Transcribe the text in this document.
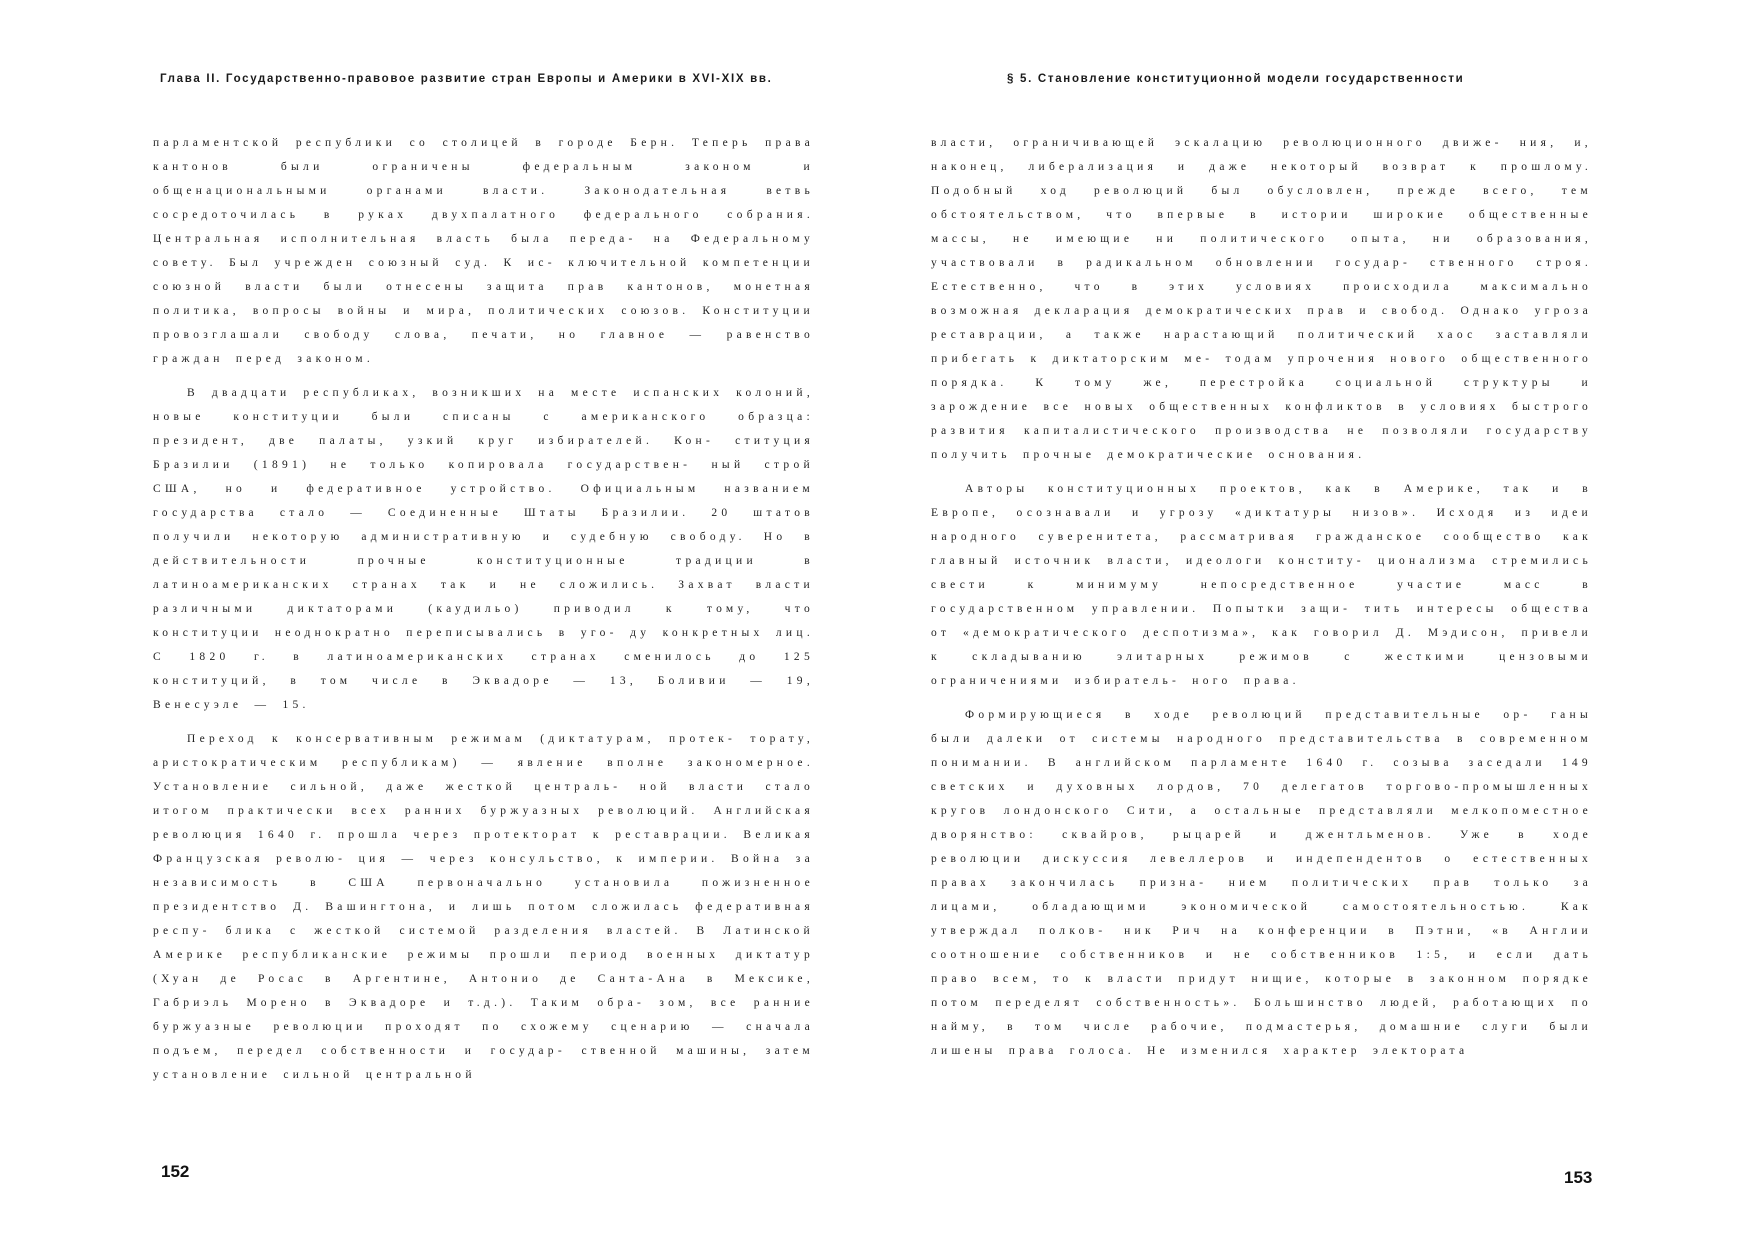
Глава II. Государственно-правовое развитие стран Европы и Америки в XVI-XIX вв.

парламентской республики со столицей в городе Берн. Теперь права кантонов были ограничены федеральным законом и общенациональными органами власти. Законодательная ветвь сосредоточилась в руках двухпалатного федерального собрания. Центральная исполнительная власть была переда- на Федеральному совету. Был учрежден союзный суд. К ис- ключительной компетенции союзной власти были отнесены защита прав кантонов, монетная политика, вопросы войны и мира, политических союзов. Конституции провозглашали свободу слова, печати, но главное — равенство граждан перед законом.

В двадцати республиках, возникших на месте испанских колоний, новые конституции были списаны с американского образца: президент, две палаты, узкий круг избирателей. Кон- ституция Бразилии (1891) не только копировала государствен- ный строй США, но и федеративное устройство. Официальным названием государства стало — Соединенные Штаты Бразилии. 20 штатов получили некоторую административную и судебную свободу. Но в действительности прочные конституционные традиции в латиноамериканских странах так и не сложились. Захват власти различными диктаторами (каудильо) приводил к тому, что конституции неоднократно переписывались в уго- ду конкретных лиц. С 1820 г. в латиноамериканских странах сменилось до 125 конституций, в том числе в Эквадоре — 13, Боливии — 19, Венесуэле — 15.

Переход к консервативным режимам (диктатурам, протек- торату, аристократическим республикам) — явление вполне закономерное. Установление сильной, даже жесткой централь- ной власти стало итогом практически всех ранних буржуазных революций. Английская революция 1640 г. прошла через протекторат к реставрации. Великая Французская револю- ция — через консульство, к империи. Война за независимость в США первоначально установила пожизненное президентство Д. Вашингтона, и лишь потом сложилась федеративная респу- блика с жесткой системой разделения властей. В Латинской Америке республиканские режимы прошли период военных диктатур (Хуан де Росас в Аргентине, Антонио де Санта-Ана в Мексике, Габриэль Морено в Эквадоре и т.д.). Таким обра- зом, все ранние буржуазные революции проходят по схожему сценарию — сначала подъем, передел собственности и государ- ственной машины, затем установление сильной центральной

152
§ 5. Становление конституционной модели государственности

власти, ограничивающей эскалацию революционного движе- ния, и, наконец, либерализация и даже некоторый возврат к прошлому. Подобный ход революций был обусловлен, прежде всего, тем обстоятельством, что впервые в истории широкие общественные массы, не имеющие ни политического опыта, ни образования, участвовали в радикальном обновлении государ- ственного строя. Естественно, что в этих условиях происходила максимально возможная декларация демократических прав и свобод. Однако угроза реставрации, а также нарастающий политический хаос заставляли прибегать к диктаторским ме- тодам упрочения нового общественного порядка. К тому же, перестройка социальной структуры и зарождение все новых общественных конфликтов в условиях быстрого развития капиталистического производства не позволяли государству получить прочные демократические основания.

Авторы конституционных проектов, как в Америке, так и в Европе, осознавали и угрозу «диктатуры низов». Исходя из идеи народного суверенитета, рассматривая гражданское сообщество как главный источник власти, идеологи конститу- ционализма стремились свести к минимуму непосредственное участие масс в государственном управлении. Попытки защи- тить интересы общества от «демократического деспотизма», как говорил Д. Мэдисон, привели к складыванию элитарных режимов с жесткими цензовыми ограничениями избиратель- ного права.

Формирующиеся в ходе революций представительные ор- ганы были далеки от системы народного представительства в современном понимании. В английском парламенте 1640 г. созыва заседали 149 светских и духовных лордов, 70 делегатов торгово-промышленных кругов лондонского Сити, а остальные представляли мелкопоместное дворянство: сквайров, рыцарей и джентльменов. Уже в ходе революции дискуссия левеллеров и индепендентов о естественных правах закончилась призна- нием политических прав только за лицами, обладающими экономической самостоятельностью. Как утверждал полков- ник Рич на конференции в Пэтни, «в Англии соотношение собственников и не собственников 1:5, и если дать право всем, то к власти придут нищие, которые в законном порядке потом переделят собственность». Большинство людей, работающих по найму, в том числе рабочие, подмастерья, домашние слуги были лишены права голоса. Не изменился характер электората

153
